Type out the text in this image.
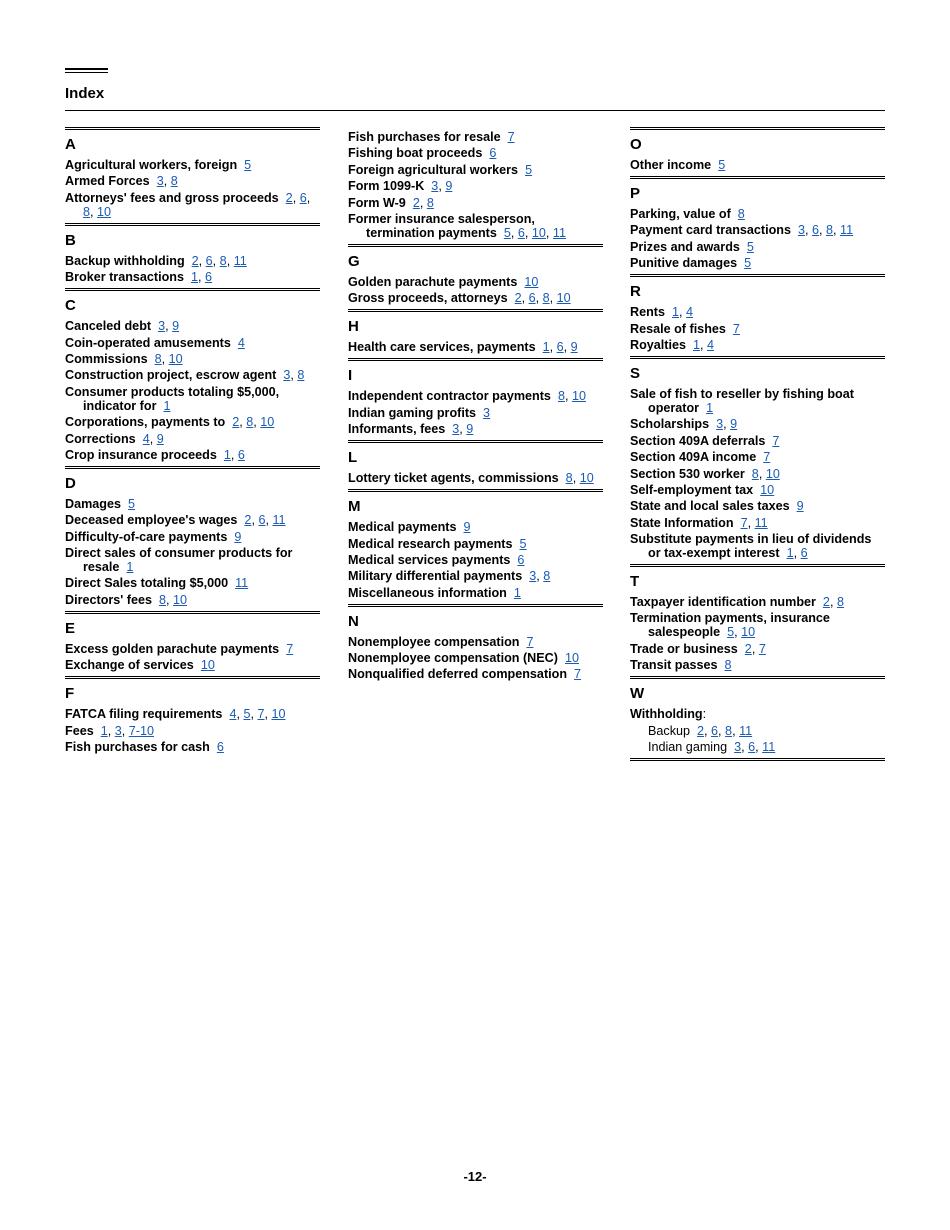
Index
A
Agricultural workers, foreign 5
Armed Forces 3, 8
Attorneys' fees and gross proceeds 2, 6, 8, 10
B
Backup withholding 2, 6, 8, 11
Broker transactions 1, 6
C
Canceled debt 3, 9
Coin-operated amusements 4
Commissions 8, 10
Construction project, escrow agent 3, 8
Consumer products totaling $5,000, indicator for 1
Corporations, payments to 2, 8, 10
Corrections 4, 9
Crop insurance proceeds 1, 6
D
Damages 5
Deceased employee's wages 2, 6, 11
Difficulty-of-care payments 9
Direct sales of consumer products for resale 1
Direct Sales totaling $5,000 11
Directors' fees 8, 10
E
Excess golden parachute payments 7
Exchange of services 10
F
FATCA filing requirements 4, 5, 7, 10
Fees 1, 3, 7-10
Fish purchases for cash 6
Fish purchases for resale 7
Fishing boat proceeds 6
Foreign agricultural workers 5
Form 1099-K 3, 9
Form W-9 2, 8
Former insurance salesperson, termination payments 5, 6, 10, 11
G
Golden parachute payments 10
Gross proceeds, attorneys 2, 6, 8, 10
H
Health care services, payments 1, 6, 9
I
Independent contractor payments 8, 10
Indian gaming profits 3
Informants, fees 3, 9
L
Lottery ticket agents, commissions 8, 10
M
Medical payments 9
Medical research payments 5
Medical services payments 6
Military differential payments 3, 8
Miscellaneous information 1
N
Nonemployee compensation 7
Nonemployee compensation (NEC) 10
Nonqualified deferred compensation 7
O
Other income 5
P
Parking, value of 8
Payment card transactions 3, 6, 8, 11
Prizes and awards 5
Punitive damages 5
R
Rents 1, 4
Resale of fishes 7
Royalties 1, 4
S
Sale of fish to reseller by fishing boat operator 1
Scholarships 3, 9
Section 409A deferrals 7
Section 409A income 7
Section 530 worker 8, 10
Self-employment tax 10
State and local sales taxes 9
State Information 7, 11
Substitute payments in lieu of dividends or tax-exempt interest 1, 6
T
Taxpayer identification number 2, 8
Termination payments, insurance salespeople 5, 10
Trade or business 2, 7
Transit passes 8
W
Withholding:
Backup 2, 6, 8, 11
Indian gaming 3, 6, 11
-12-
